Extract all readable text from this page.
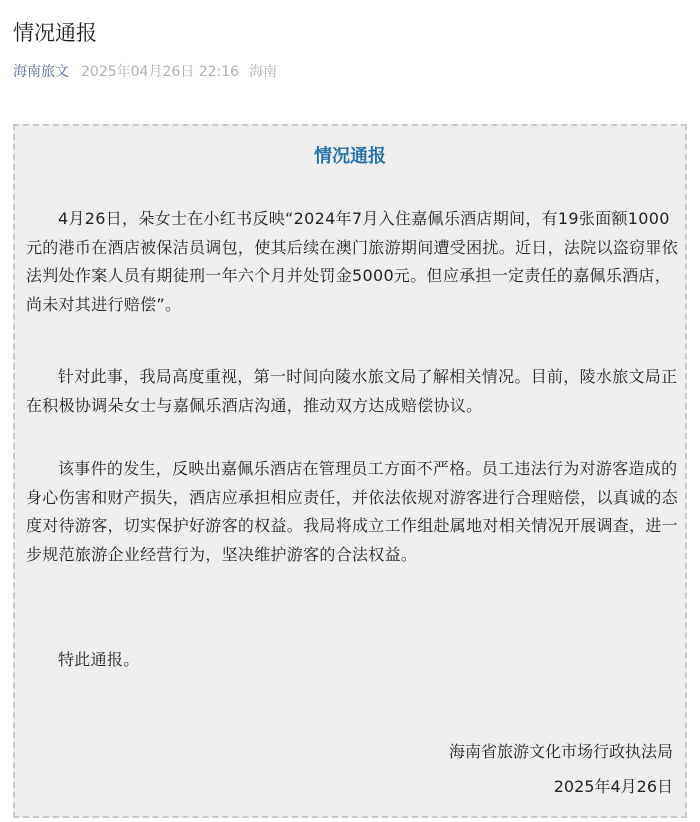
情况通报
海南旅文 2025年04月26日 22:16 海南
情况通报

4月26日，朵女士在小红书反映“2024年7月入住嘉佩乐酒店期间，有19张面额1000元的港币在酒店被保洁员调包，使其后续在澳门旅游期间遭受困扰。近日，法院以盗窃罪依法判处作案人员有期徒刑一年六个月并处罚金5000元。但应承担一定责任的嘉佩乐酒店，尚未对其进行赔偿”。

针对此事，我局高度重视，第一时间向陵水旅文局了解相关情况。目前，陵水旅文局正在积极协调朵女士与嘉佩乐酒店沟通，推动双方达成赔偿协议。

该事件的发生，反映出嘉佩乐酒店在管理员工方面不严格。员工违法行为对游客造成的身心伤害和财产损失，酒店应承担相应责任，并依法依规对游客进行合理赔偿，以真诚的态度对待游客，切实保护好游客的权益。我局将成立工作组赴属地对相关情况开展调查，进一步规范旅游企业经营行为，坚决维护游客的合法权益。

特此通报。

海南省旅游文化市场行政执法局
2025年4月26日
